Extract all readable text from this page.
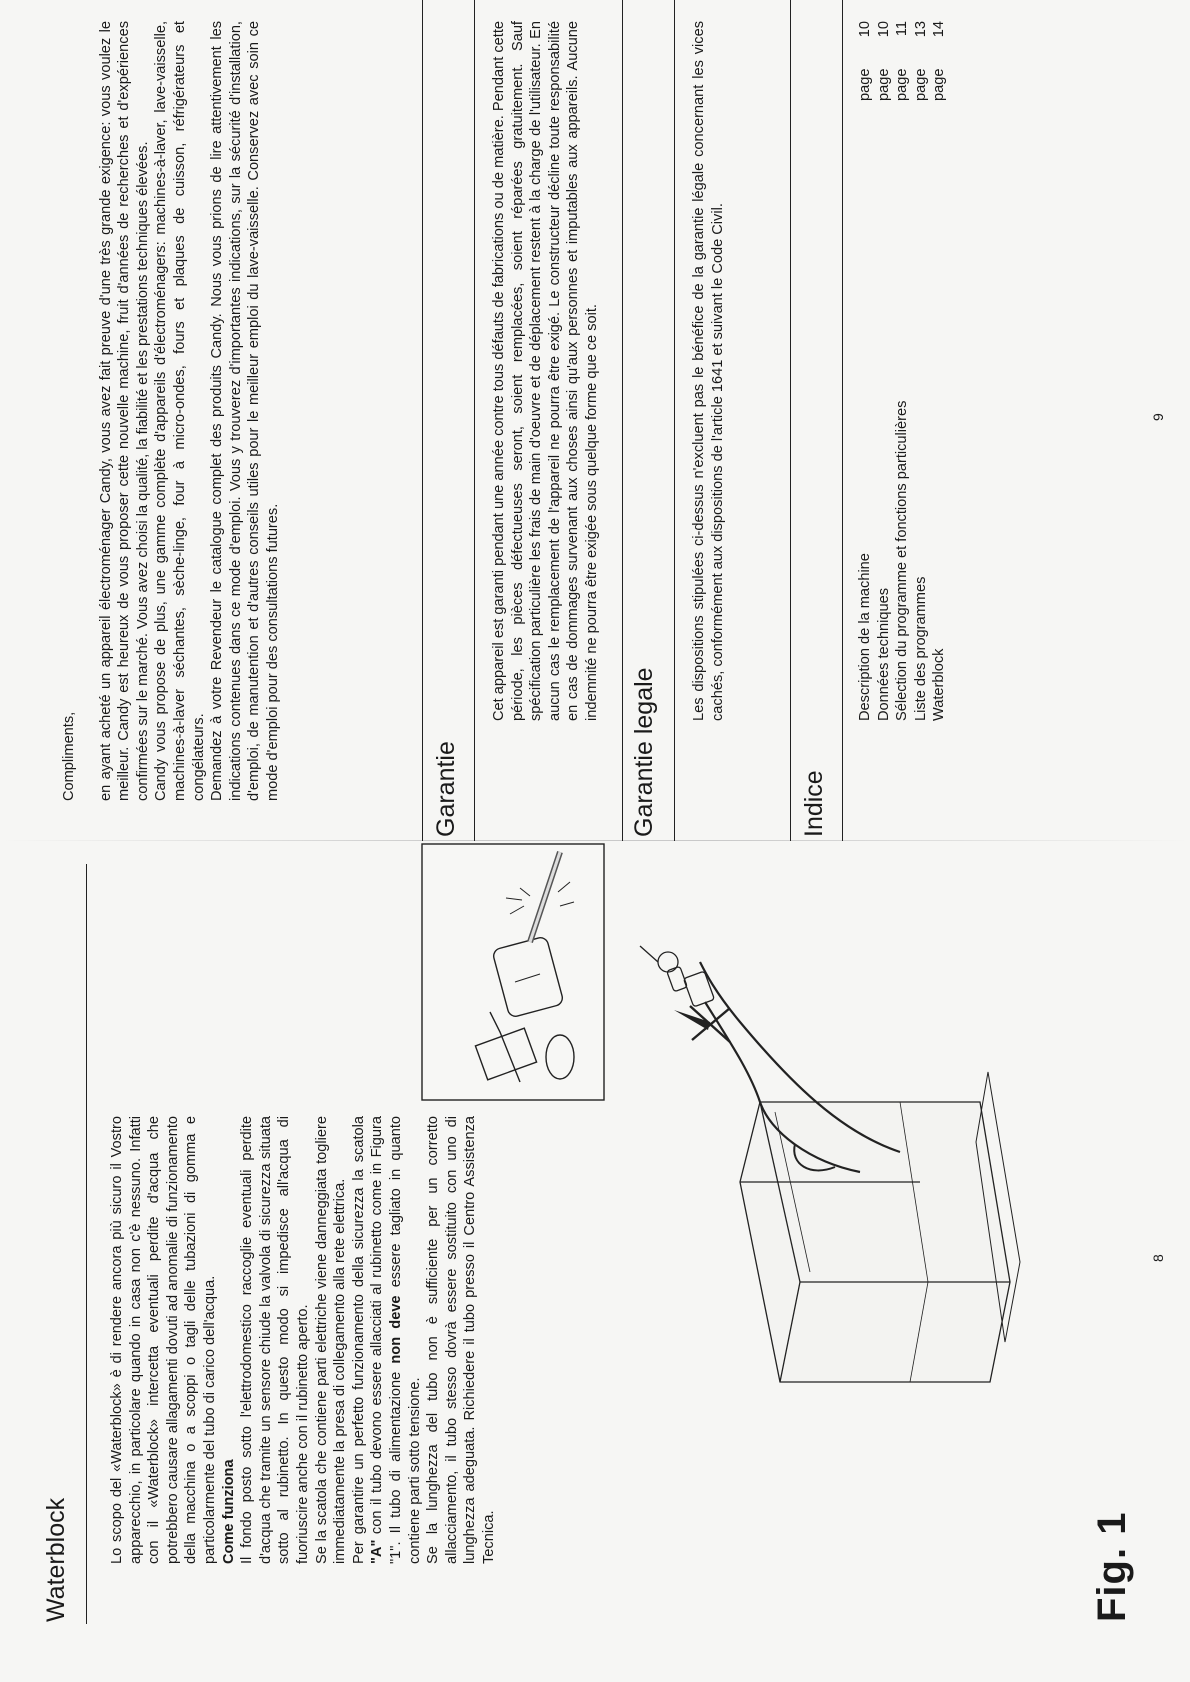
Waterblock	Lo scopo del «Waterblock» è di rendere ancora più sicuro il Vostro apparecchio, in particolare quando in casa non c'è nessuno. Infatti con il «Waterblock» intercetta eventuali perdite d'acqua che potrebbero causare allagamenti dovuti ad anomalie di funzionamento della macchina o a scoppi o tagli delle tubazioni di gomma e particolarmente del tubo di carico dell'acqua. Come funziona Il fondo posto sotto l'elettrodomestico raccoglie eventuali perdite d'acqua che tramite un sensore chiude la valvola di sicurezza situata sotto al rubinetto. In questo modo si impedisce all'acqua di fuoriuscire anche con il rubinetto aperto. Se la scatola che contiene parti elettriche viene danneggiata togliere immediatamente la presa di collegamento alla rete elettrica. Per garantire un perfetto funzionamento della sicurezza la scatola "A" con il tubo devono essere allacciati al rubinetto come in Figura "1". Il tubo di alimentazione non deve essere tagliato in quanto contiene parti sotto tensione. Se la lunghezza del tubo non è sufficiente per un corretto allacciamento, il tubo stesso dovrà essere sostituito con uno di lunghezza adeguata. Richiedere il tubo presso il Centro Assistenza Tecnica.	Fig. 1
8

Compliments, en ayant acheté un appareil électroménager Candy, vous avez fait preuve d'une très grande exigence: vous voulez le meilleur. Candy est heureux de vous proposer cette nouvelle machine, fruit d'années de recherches et d'expériences confirmées sur le marché. Vous avez choisi la qualité, la fiabilité et les prestations techniques élevées. Candy vous propose de plus, une gamme complète d'appareils d'électroménagers: machines-à-laver, lave-vaisselle, machines-à-laver séchantes, sèche-linge, four à micro-ondes, fours et plaques de cuisson, réfrigérateurs et congélateurs. Demandez à votre Revendeur le catalogue complet des produits Candy. Nous vous prions de lire attentivement les indications contenues dans ce mode d'emploi. Vous y trouverez d'importantes indications, sur la sécurité d'installation, d'emploi, de manutention et d'autres conseils utiles pour le meilleur emploi du lave-vaisselle. Conservez avec soin ce mode d'emploi pour des consultations futures.	Garantie
Cet appareil est garanti pendant une année contre tous défauts de fabrications ou de matière. Pendant cette période, les pièces défectueuses seront, soient remplacées, soient réparées gratuitement. Sauf spécification particulière les frais de main d'oeuvre et de déplacement restent à la charge de l'utilisateur. En aucun cas le remplacement de l'appareil ne pourra être exigé. Le constructeur décline toute responsabilité en cas de dommages survenant aux choses ainsi qu'aux personnes et imputables aux appareils. Aucune indemnité ne pourra être exigée sous quelque forme que ce soit.
Garantie legale
Les dispositions stipulées ci-dessus n'excluent pas le bénéfice de la garantie légale concernant les vices cachés, conformément aux dispositions de l'article 1641 et suivant le Code Civil.
Indice
Description de la machine
page
10
Données techniques
page
10
Sélection du programme et fonctions particulières
page
11
Liste des programmes
page
13
Waterblock
page
14
9
